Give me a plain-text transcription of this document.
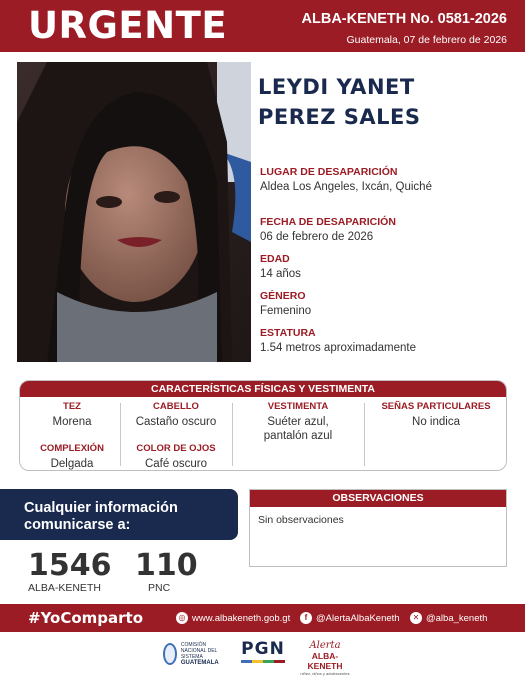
URGENTE	ALBA-KENETH No. 0581-2026
Guatemala, 07 de febrero de 2026
LEYDI YANET
PEREZ SALES
LUGAR DE DESAPARICIÓN
Aldea Los Angeles, Ixcán, Quiché
FECHA DE DESAPARICIÓN
06 de febrero de 2026
EDAD
14 años
GÉNERO
Femenino
ESTATURA
1.54 metros aproximadamente
CARACTERÍSTICAS FÍSICAS Y VESTIMENTA
TEZ
Morena
COMPLEXIÓN
Delgada
CABELLO
Castaño oscuro
COLOR DE OJOS
Café oscuro
VESTIMENTA
Suéter azul,
pantalón azul
SEÑAS PARTICULARES
No indica
Cualquier información
comunicarse a:
1546
ALBA-KENETH
110
PNC
OBSERVACIONES
Sin observaciones
#YoComparto	◎ www.albakeneth.gob.gt	f @AlertaAlbaKeneth	✕ @alba_keneth
COMISIÓN NACIONAL DEL SISTEMA
GUATEMALA
PGN	Alerta
ALBA-KENETH
niñez, niños y adolescentes
